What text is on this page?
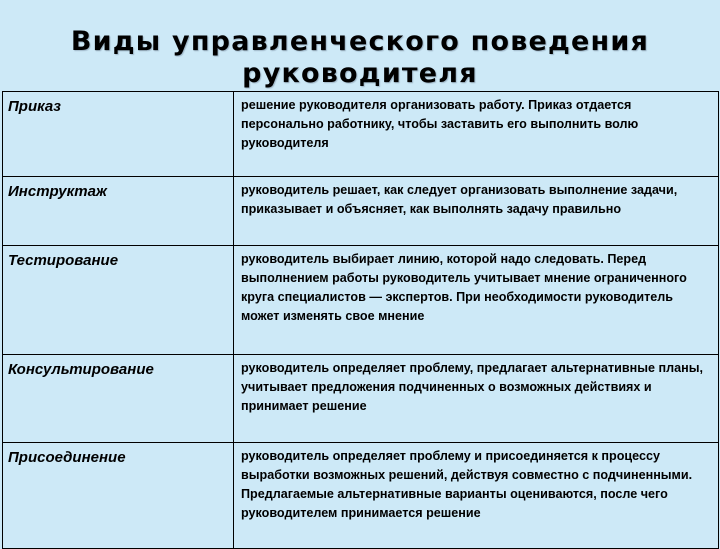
Виды управленческого поведения
руководителя
Приказ	решение руководителя организовать работу. Приказ отдается персонально работнику, чтобы заставить его выполнить волю руководителя
Инструктаж	руководитель решает, как следует организовать выполнение задачи, приказывает и объясняет, как выполнять задачу правильно
Тестирование	руководитель выбирает линию, которой надо следовать. Перед выполнением работы руководитель учитывает мнение ограниченного круга специалистов — экспертов. При необходимости руководитель может изменять свое мнение
Консультирование	руководитель определяет проблему, предлагает альтернативные планы, учитывает предложения подчиненных о возможных действиях и принимает решение
Присоединение	руководитель определяет проблему и присоединяется к процессу выработки возможных решений, действуя совместно с подчиненными. Предлагаемые альтернативные варианты оцениваются, после чего руководителем принимается решение
